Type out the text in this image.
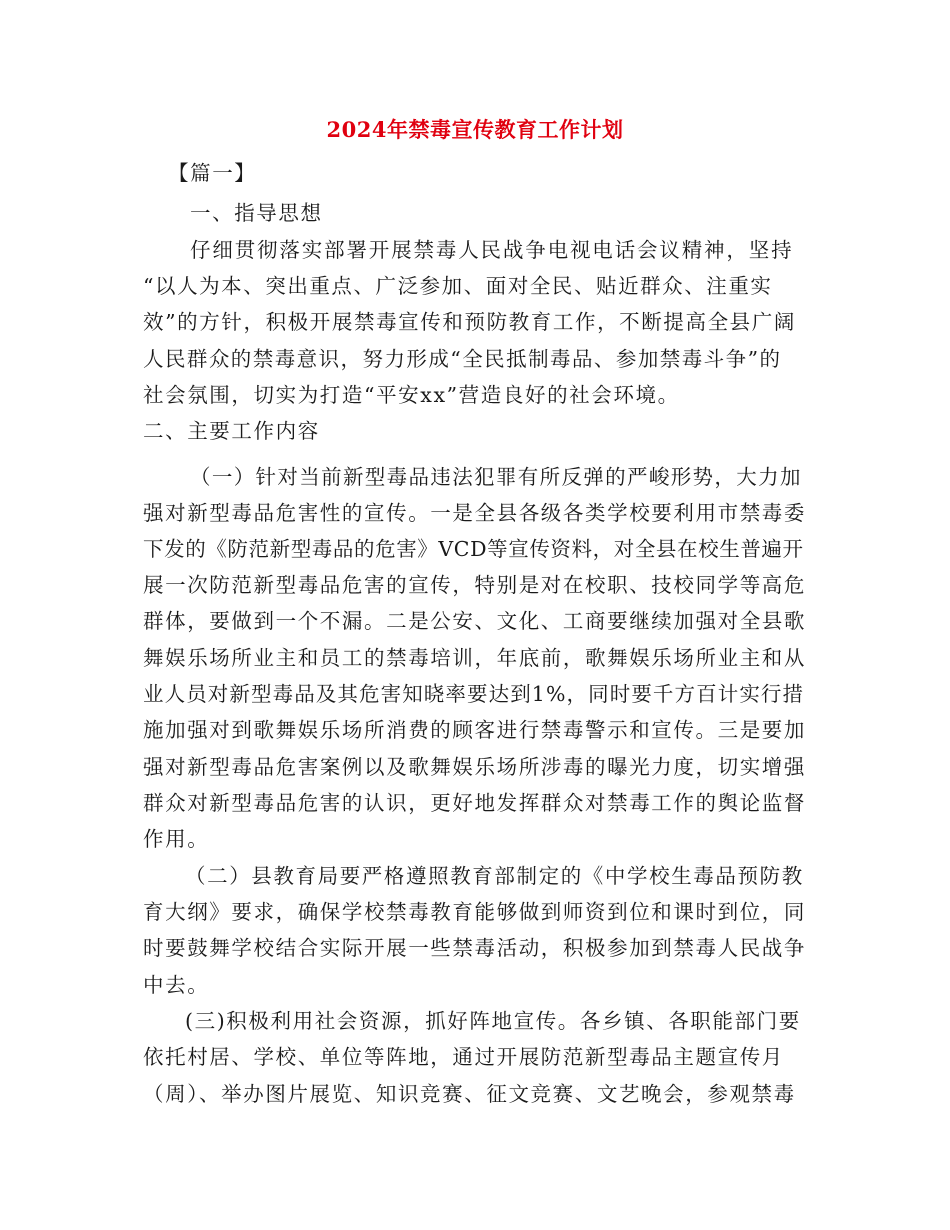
2024年禁毒宣传教育工作计划
【篇一】
一、指导思想
仔细贯彻落实部署开展禁毒人民战争电视电话会议精神，坚持
“以人为本、突出重点、广泛参加、面对全民、贴近群众、注重实
效”的方针，积极开展禁毒宣传和预防教育工作，不断提高全县广阔
人民群众的禁毒意识，努力形成“全民抵制毒品、参加禁毒斗争”的
社会氛围，切实为打造“平安xx”营造良好的社会环境。
二、主要工作内容
（一）针对当前新型毒品违法犯罪有所反弹的严峻形势，大力加
强对新型毒品危害性的宣传。一是全县各级各类学校要利用市禁毒委
下发的《防范新型毒品的危害》VCD等宣传资料，对全县在校生普遍开
展一次防范新型毒品危害的宣传，特别是对在校职、技校同学等高危
群体，要做到一个不漏。二是公安、文化、工商要继续加强对全县歌
舞娱乐场所业主和员工的禁毒培训，年底前，歌舞娱乐场所业主和从
业人员对新型毒品及其危害知晓率要达到1%，同时要千方百计实行措
施加强对到歌舞娱乐场所消费的顾客进行禁毒警示和宣传。三是要加
强对新型毒品危害案例以及歌舞娱乐场所涉毒的曝光力度，切实增强
群众对新型毒品危害的认识，更好地发挥群众对禁毒工作的舆论监督
作用。
（二）县教育局要严格遵照教育部制定的《中学校生毒品预防教
育大纲》要求，确保学校禁毒教育能够做到师资到位和课时到位，同
时要鼓舞学校结合实际开展一些禁毒活动，积极参加到禁毒人民战争
中去。
(三)积极利用社会资源，抓好阵地宣传。各乡镇、各职能部门要
依托村居、学校、单位等阵地，通过开展防范新型毒品主题宣传月
（周）、举办图片展览、知识竞赛、征文竞赛、文艺晚会，参观禁毒
